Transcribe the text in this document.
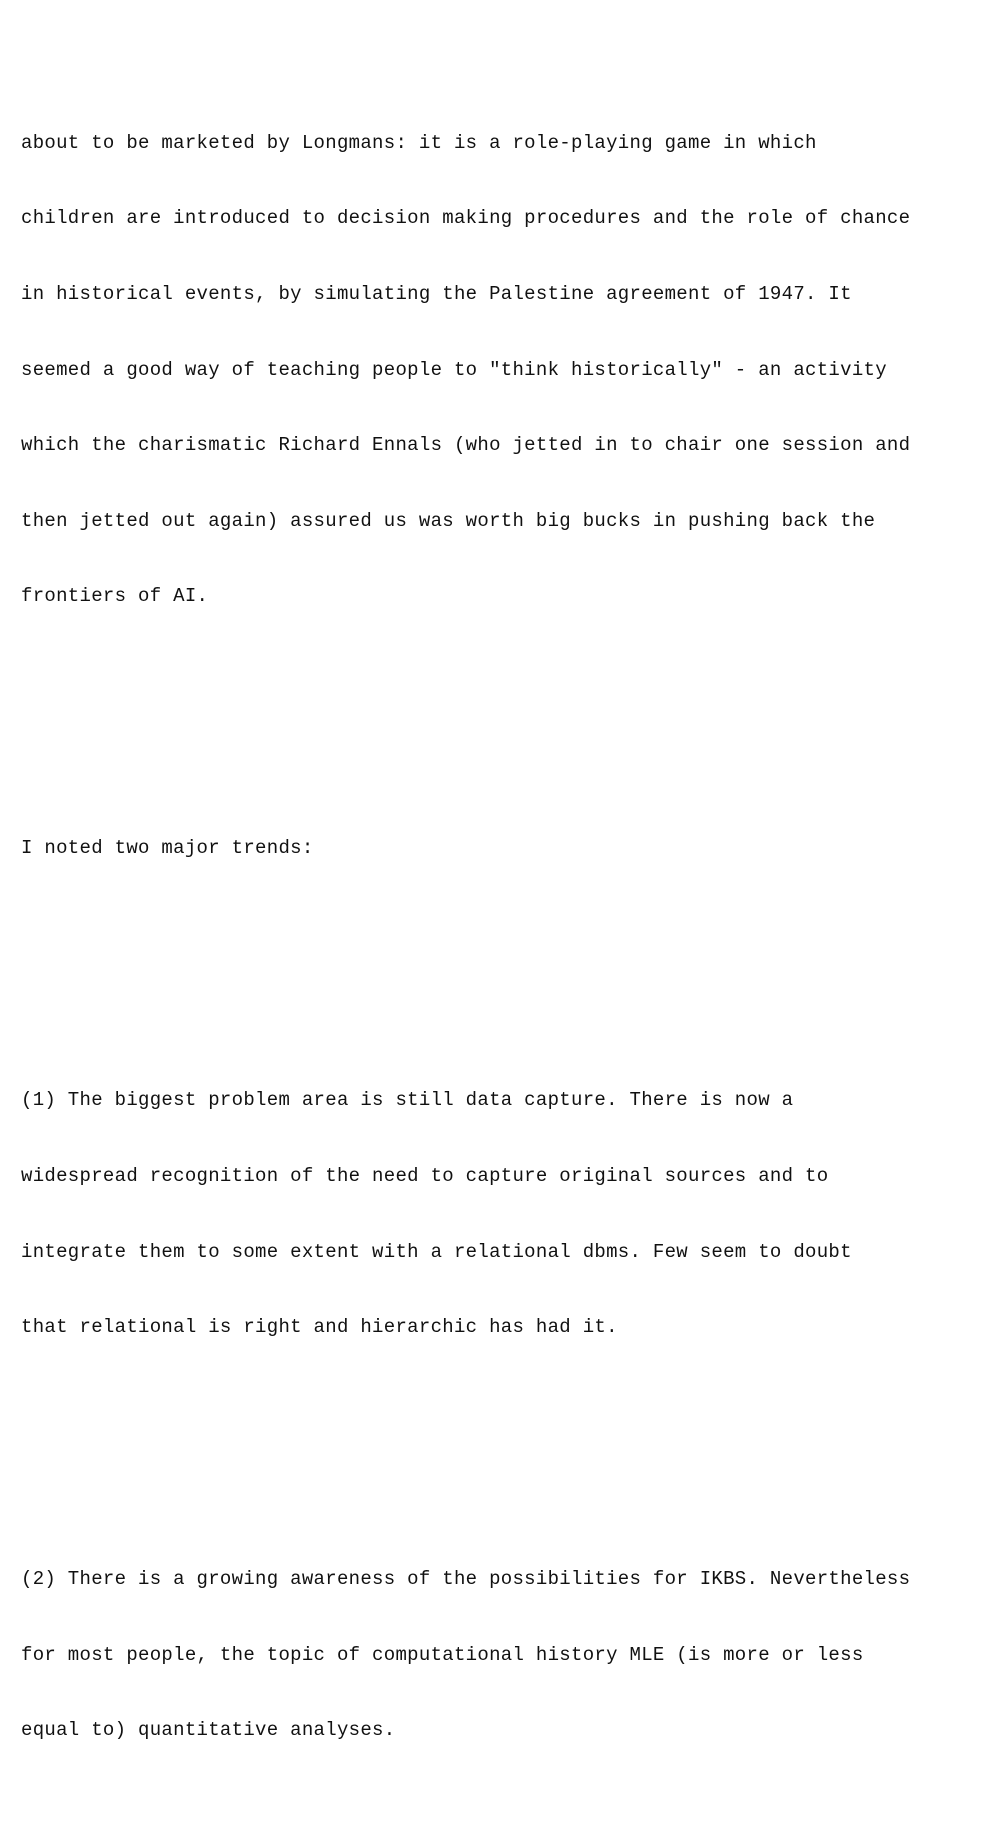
about to be marketed by Longmans: it is a role-playing game in which

children are introduced to decision making procedures and the role of chance

in historical events, by simulating the Palestine agreement of 1947. It

seemed a good way of teaching people to "think historically" - an activity

which the charismatic Richard Ennals (who jetted in to chair one session and

then jetted out again) assured us was worth big bucks in pushing back the

frontiers of AI.

I noted two major trends:

(1) The biggest problem area is still data capture. There is now a

widespread recognition of the need to capture original sources and to

integrate them to some extent with a relational dbms. Few seem to doubt

that relational is right and hierarchic has had it.

(2) There is a growing awareness of the possibilities for IKBS. Nevertheless

for most people, the topic of computational history MLE (is more or less

equal to) quantitative analyses.
